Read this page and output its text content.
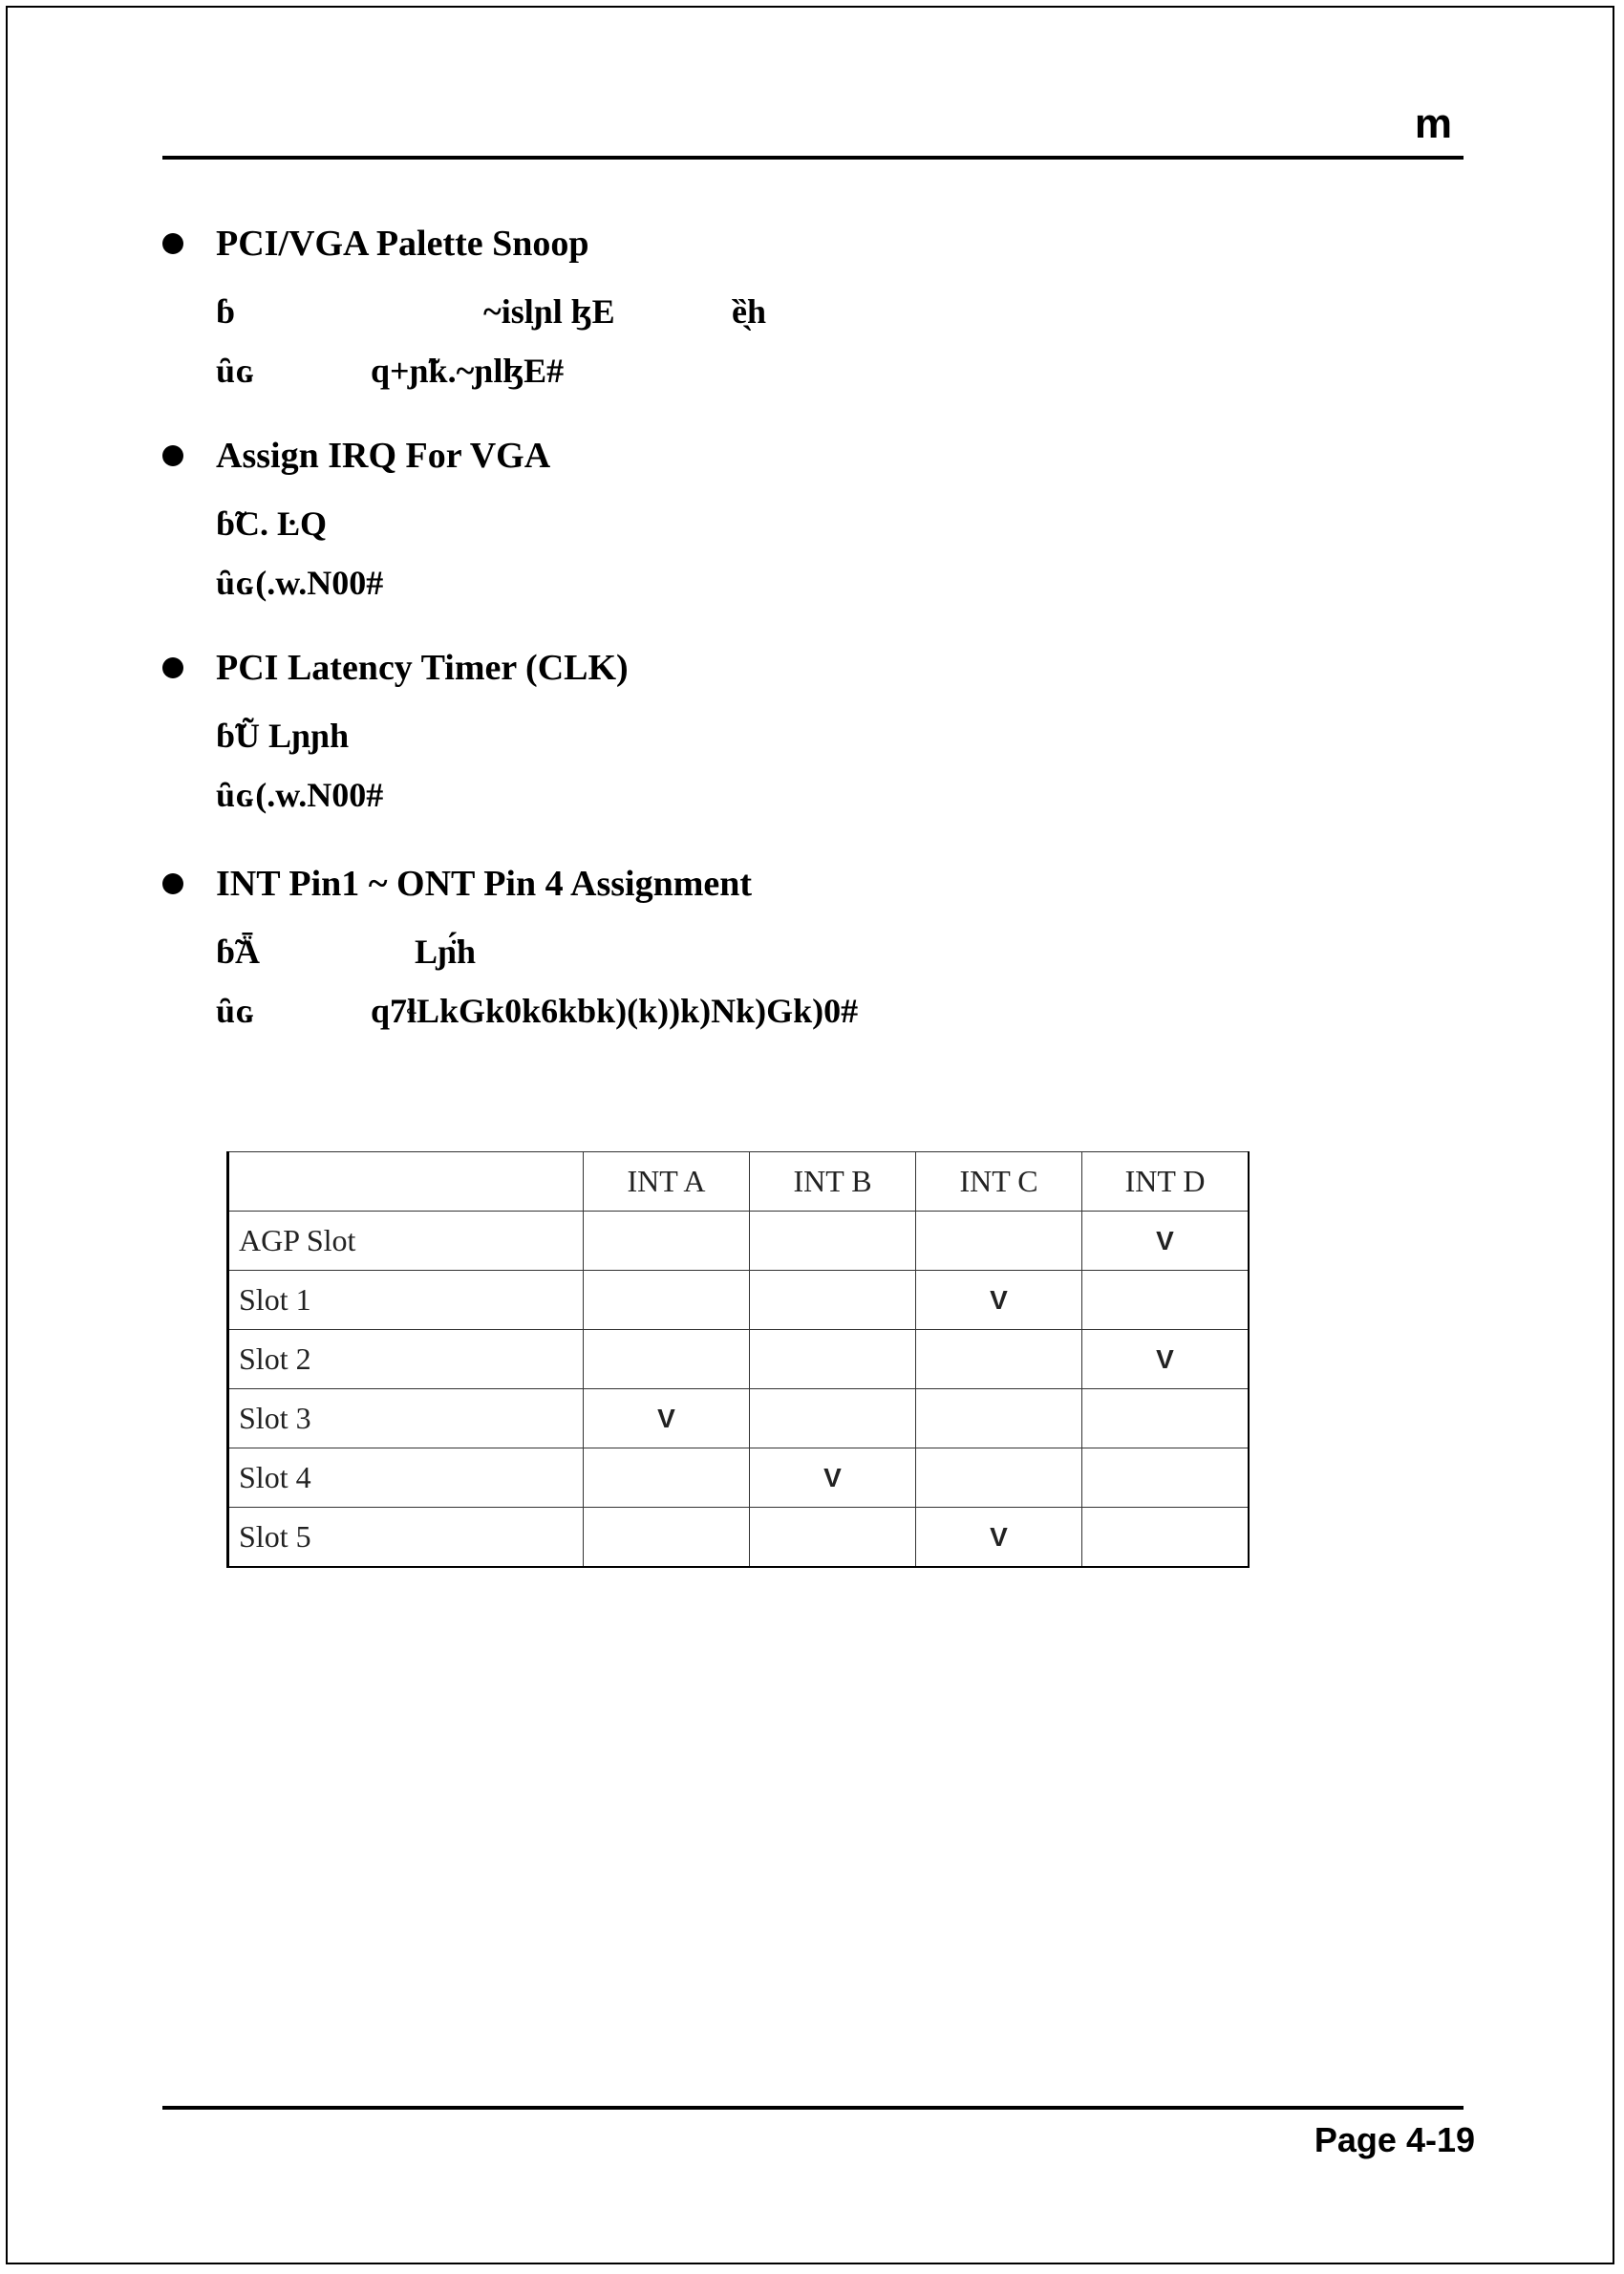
m
PCI/VGA Palette Snoop
ɓ	~islɲl ɮE	ȅ̖h
ȗɢ	q+ɲ̃k.~ɲlɮE#
Assign IRQ For VGA
ɓ̃C. ĿQ
ȗɢ(.w.N00#
PCI Latency Timer (CLK)
ɓ̃Ũ Lɲɲh
ȗɢ(.w.N00#
INT Pin1 ~ ONT Pin 4 Assignment
ɓ̃Ǟ	Lɲ̈́h
ȗɢ	q7ɬLkGk0k6kbk)(k))k)Nk)Gk)0#
	INT A	INT B	INT C	INT D
AGP Slot				V
Slot 1			V	
Slot 2				V
Slot 3	V			
Slot 4		V		
Slot 5			V	
Page 4-19
